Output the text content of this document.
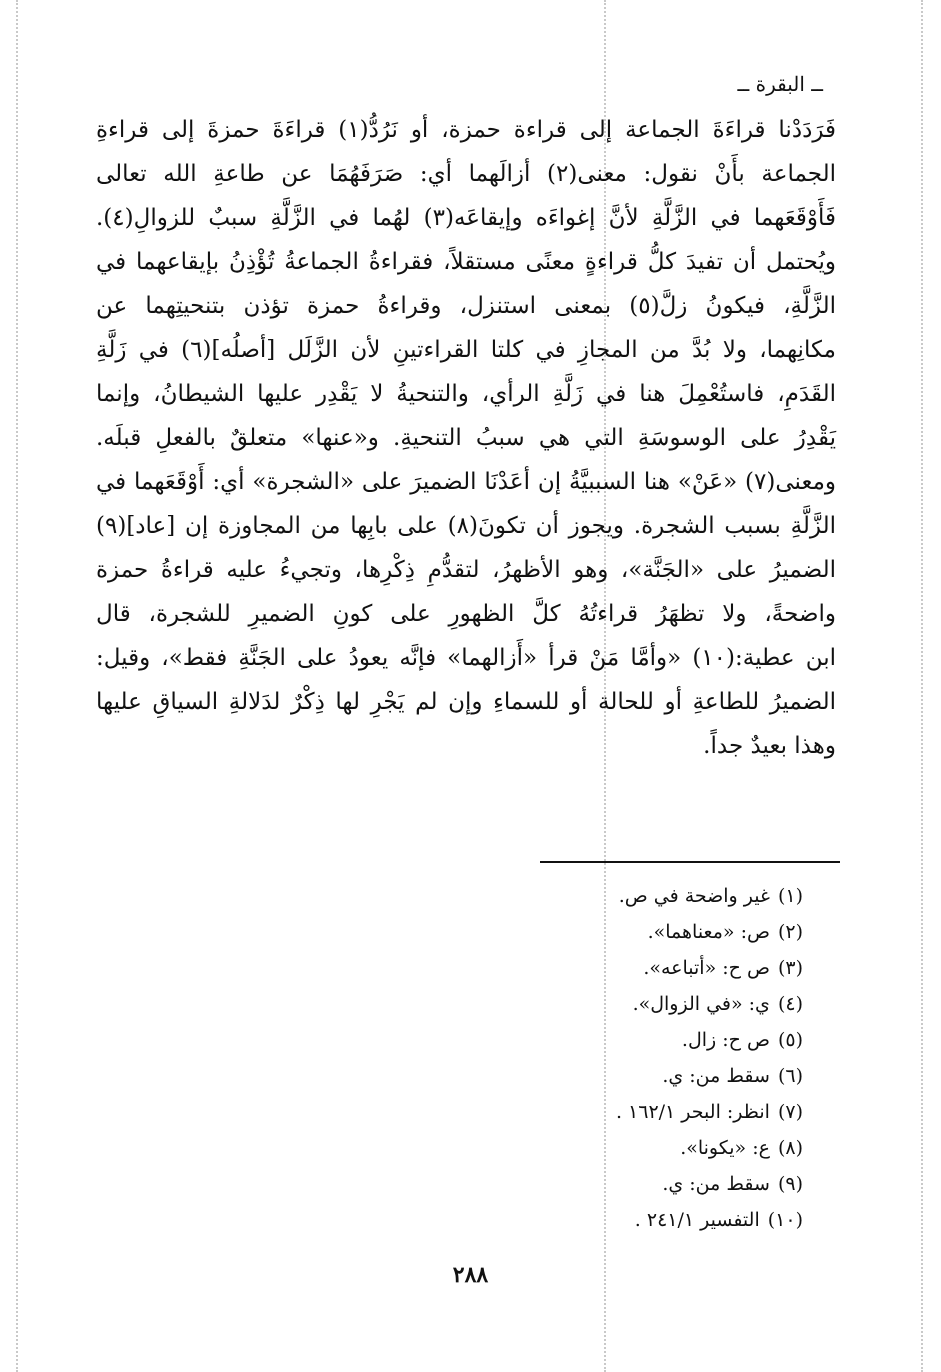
ــ البقرة ــ
فَرَدَدْنا قراءَةَ الجماعة إلى قراءة حمزة، أو نَرُدُّ(١) قراءَةَ حمزةَ إلى قراءةِ
الجماعة بأَنْ نقول: معنى(٢) أزالَهما أي: صَرَفَهُمَا عن طاعةِ الله تعالى
فَأَوْقَعَهما في الزَّلَّةِ لأنَّ إغواءَه وإيقاعَه(٣) لهُما في الزَّلَّةِ سببٌ للزوالِ(٤).
ويُحتمل أن تفيدَ كلُّ قراءةٍ معنًى مستقلاً، فقراءةُ الجماعةُ تُؤْذِنُ بإيقاعهما في
الزَّلَّةِ، فيكونُ زلَّ(٥) بمعنى استنزل، وقراءةُ حمزة تؤذن بتنحيتِهما عن
مكانِهما، ولا بُدَّ من المجازِ في كلتا القراءتينِ لأن الزَّلَل [أصلُه](٦) في زَلَّةِ
القَدَمِ، فاستُعْمِلَ هنا في زَلَّةِ الرأي، والتنحيةُ لا يَقْدِر عليها الشيطانُ، وإنما
يَقْدِرُ على الوسوسَةِ التي هي سببُ التنحيةِ. و«عنها» متعلقٌ بالفعلِ قبلَه.
ومعنى(٧) «عَنْ» هنا السببيَّةُ إن أعَدْنَا الضميرَ على «الشجرة» أي: أَوْقَعَهما في
الزَّلَّةِ بسبب الشجرة. ويجوز أن تكونَ(٨) على بابِها من المجاوزة إن [عاد](٩)
الضميرُ على «الجَنَّة»، وهو الأظهرُ، لتقدُّمِ ذِكْرِها، وتجيءُ عليه قراءةُ حمزة
واضحةً، ولا تظهَرُ قراءتُهُ كلَّ الظهورِ على كونِ الضميرِ للشجرة، قال
ابن عطية:(١٠) «وأمَّا مَنْ قرأ «أَزالهما» فإنَّه يعودُ على الجَنَّةِ فقط»، وقيل:
الضميرُ للطاعةِ أو للحالة أو للسماءِ وإن لم يَجْرِ لها ذِكْرٌ لدَلالةِ السياقِ عليها
وهذا بعيدٌ جداً.
(١)غير واضحة في ص.
(٢)ص: «معناهما».
(٣)ص ح: «أتباعه».
(٤)ي: «في الزوال».
(٥)ص ح: زال.
(٦)سقط من: ي.
(٧)انظر: البحر ١٦٢/١ .
(٨)ع: «يكونا».
(٩)سقط من: ي.
(١٠)التفسير ٢٤١/١ .
٢٨٨
